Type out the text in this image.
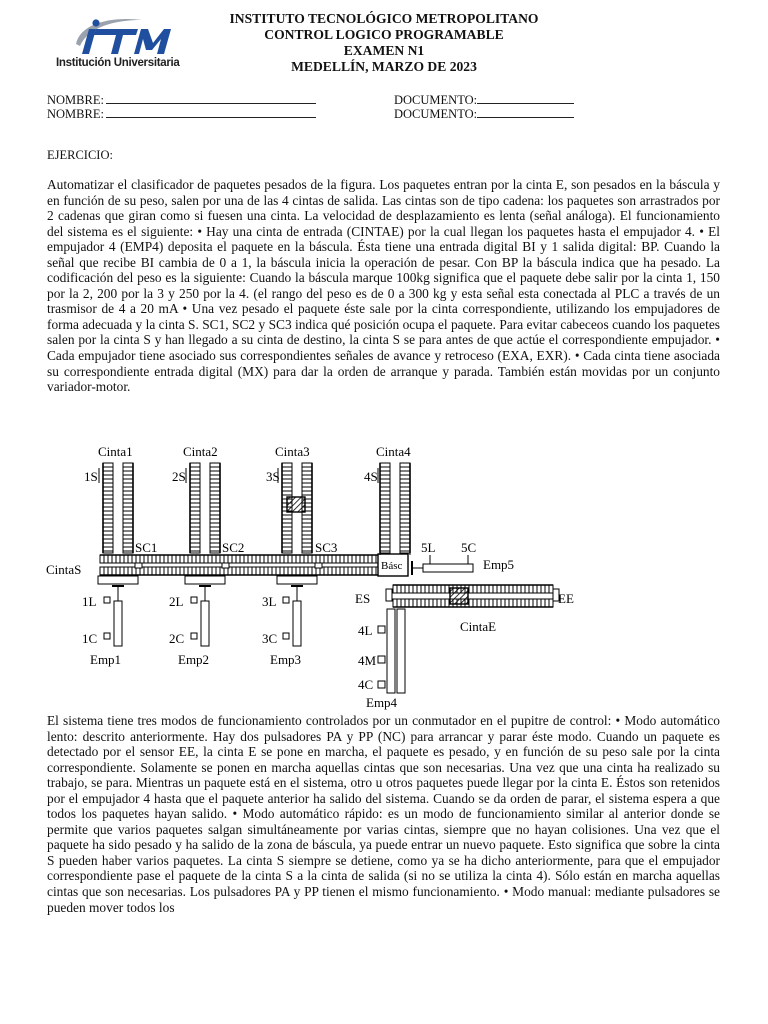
Institución Universitaria
INSTITUTO TECNOLÓGICO METROPOLITANO
CONTROL LOGICO PROGRAMABLE
EXAMEN N1
MEDELLÍN, MARZO DE 2023
NOMBRE:	DOCUMENTO:
NOMBRE:	DOCUMENTO:
EJERCICIO:

Automatizar el clasificador de paquetes pesados de la figura. Los paquetes entran por la cinta E, son pesados en la báscula y en función de su peso, salen por una de las 4 cintas de salida. Las cintas son de tipo cadena: los paquetes son arrastrados por 2 cadenas que giran como si fuesen una cinta. La velocidad de desplazamiento es lenta (señal análoga). El funcionamiento del sistema es el siguiente: • Hay una cinta de entrada (CINTAE) por la cual llegan los paquetes hasta el empujador 4. • El empujador 4 (EMP4) deposita el paquete en la báscula. Ésta tiene una entrada digital BI y 1 salida digital: BP. Cuando la señal que recibe BI cambia de 0 a 1, la báscula inicia la operación de pesar. Con BP la báscula indica que ha pesado. La codificación del peso es la siguiente: Cuando la báscula marque 100kg significa que el paquete debe salir por la cinta 1, 150 por la 2, 200 por la 3 y 250 por la 4. (el rango del peso es de 0 a 300 kg y esta señal esta conectada al PLC a través de un trasmisor de 4 a 20 mA • Una vez pesado el paquete éste sale por la cinta correspondiente, utilizando los empujadores de forma adecuada y la cinta S. SC1, SC2 y SC3 indica qué posición ocupa el paquete. Para evitar cabeceos cuando los paquetes salen por la cinta S y han llegado a su cinta de destino, la cinta S se para antes de que actúe el correspondiente empujador. • Cada empujador tiene asociado sus correspondientes señales de avance y retroceso (EXA, EXR). • Cada cinta tiene asociada su correspondiente entrada digital (MX) para dar la orden de arranque y parada. También están movidas por un conjunto variador-motor.

Cinta1	Cinta2	Cinta3	Cinta4
1S	2S	3S	4S
SC1	SC2	SC3
CintaS	Básc
5L 5C
Emp5
ES	EE
CintaE
1L	2L	3L
1C	2C	3C
Emp1	Emp2	Emp3
4L
4M
4C
Emp4

El sistema tiene tres modos de funcionamiento controlados por un conmutador en el pupitre de control: • Modo automático lento: descrito anteriormente. Hay dos pulsadores PA y PP (NC) para arrancar y parar éste modo. Cuando un paquete es detectado por el sensor EE, la cinta E se pone en marcha, el paquete es pesado, y en función de su peso sale por la cinta correspondiente. Solamente se ponen en marcha aquellas cintas que son necesarias. Una vez que una cinta ha realizado su trabajo, se para. Mientras un paquete está en el sistema, otro u otros paquetes puede llegar por la cinta E. Éstos son retenidos por el empujador 4 hasta que el paquete anterior ha salido del sistema. Cuando se da orden de parar, el sistema espera a que todos los paquetes hayan salido. • Modo automático rápido: es un modo de funcionamiento similar al anterior donde se permite que varios paquetes salgan simultáneamente por varias cintas, siempre que no hayan colisiones. Una vez que el paquete ha sido pesado y ha salido de la zona de báscula, ya puede entrar un nuevo paquete. Esto significa que sobre la cinta S pueden haber varios paquetes. La cinta S siempre se detiene, como ya se ha dicho anteriormente, para que el empujador correspondiente pase el paquete de la cinta S a la cinta de salida (si no se utiliza la cinta 4). Sólo están en marcha aquellas cintas que son necesarias. Los pulsadores PA y PP tienen el mismo funcionamiento. • Modo manual: mediante pulsadores se pueden mover todos los
